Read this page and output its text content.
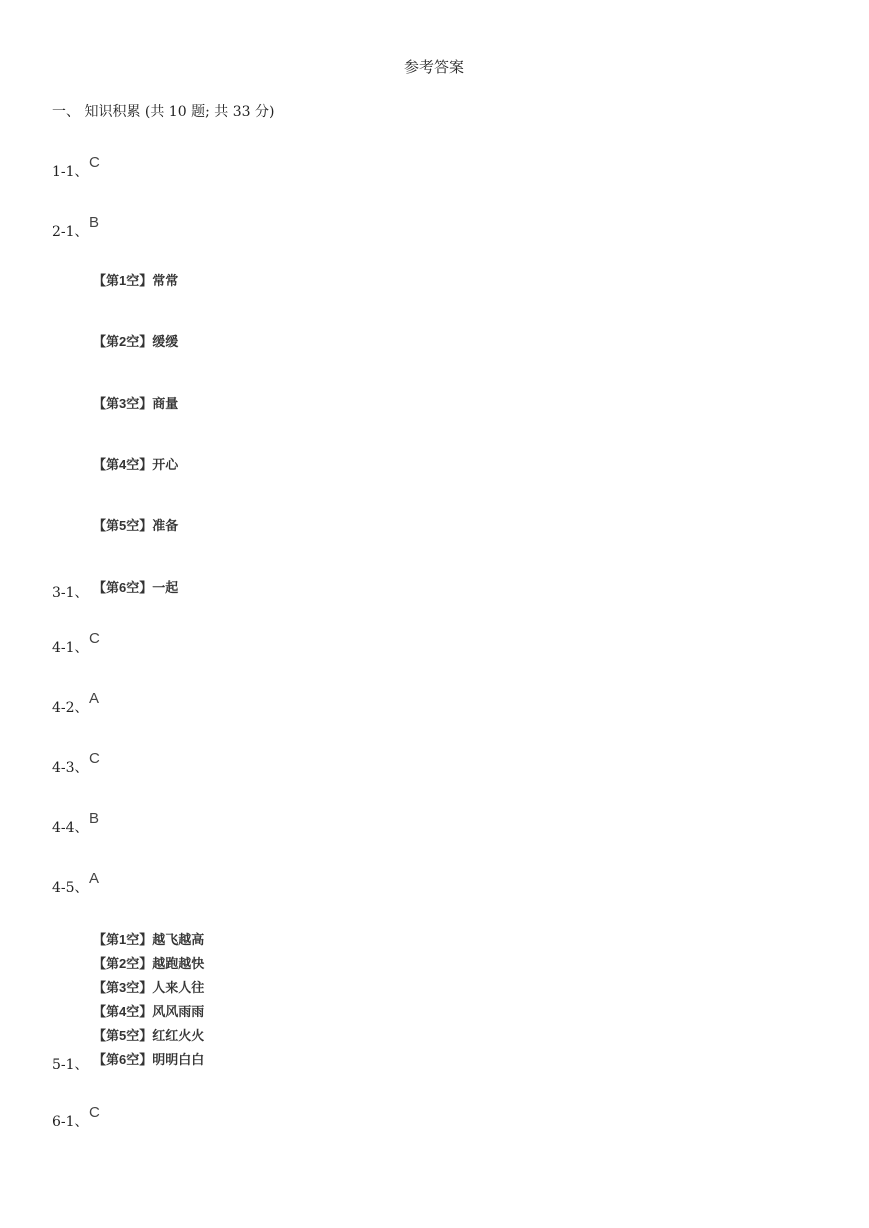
参考答案
一、 知识积累 (共 10 题; 共 33 分)
1-1、
C
2-1、
B
【第1空】常常
【第2空】缓缓
【第3空】商量
【第4空】开心
【第5空】准备
3-1、 【第6空】一起
4-1、
C
4-2、
A
4-3、
C
4-4、
B
4-5、
A
【第1空】越飞越高
【第2空】越跑越快
【第3空】人来人往
【第4空】风风雨雨
【第5空】红红火火
【第6空】明明白白
5-1、
6-1、
C
